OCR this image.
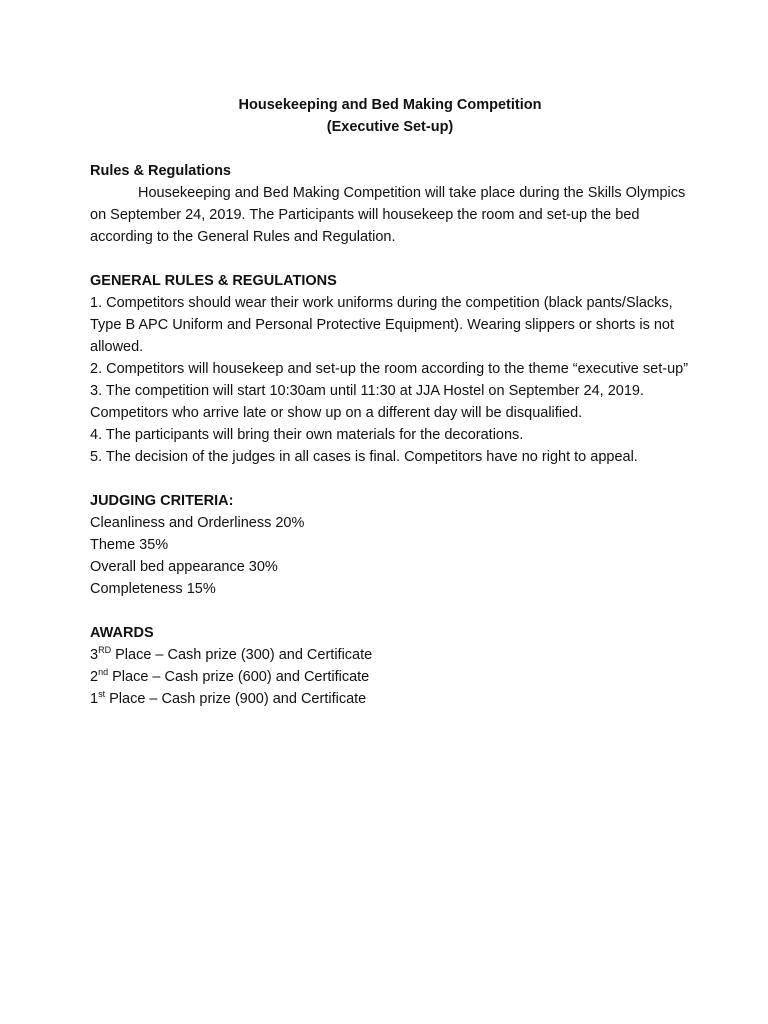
Housekeeping and Bed Making Competition

(Executive Set-up)

Rules & Regulations

Housekeeping and Bed Making Competition will take place during the Skills Olympics on September 24, 2019. The Participants will housekeep the room and set-up the bed according to the General Rules and Regulation.

GENERAL RULES & REGULATIONS

1. Competitors should wear their work uniforms during the competition (black pants/Slacks, Type B APC Uniform and Personal Protective Equipment). Wearing slippers or shorts is not allowed.

2. Competitors will housekeep and set-up the room according to the theme “executive set-up”

3. The competition will start 10:30am until 11:30 at JJA Hostel on September 24, 2019. Competitors who arrive late or show up on a different day will be disqualified.

4. The participants will bring their own materials for the decorations.

5. The decision of the judges in all cases is final. Competitors have no right to appeal.

JUDGING CRITERIA:

Cleanliness and Orderliness 20%

Theme 35%

Overall bed appearance 30%

Completeness 15%

AWARDS

3RD Place – Cash prize (300) and Certificate

2nd Place – Cash prize (600) and Certificate

1st Place – Cash prize (900) and Certificate
